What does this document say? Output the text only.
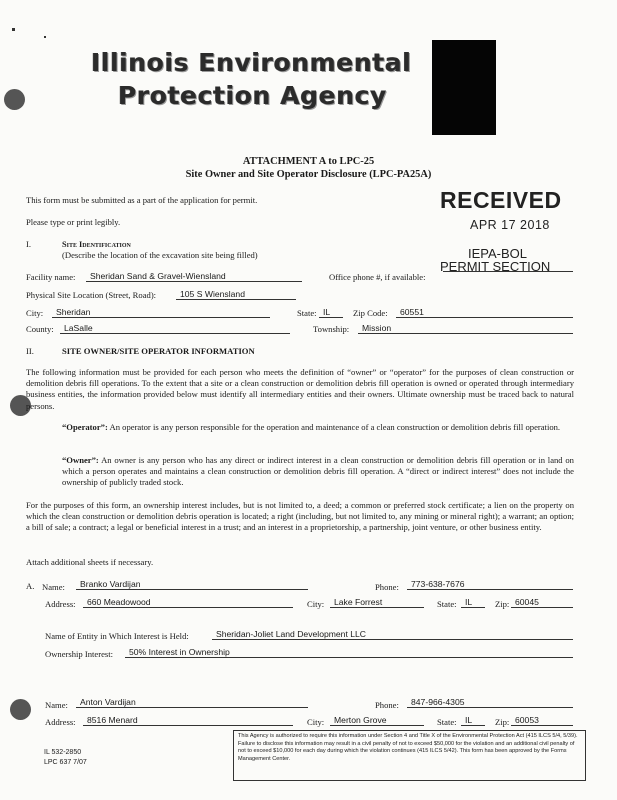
Illinois Environmental
Protection Agency
ATTACHMENT A to LPC-25
Site Owner and Site Operator Disclosure (LPC-PA25A)
RECEIVED
APR 17 2018
IEPA-BOL
PERMIT SECTION
This form must be submitted as a part of the application for permit.
Please type or print legibly.
I.	Site Identification
(Describe the location of the excavation site being filled)
Facility name:	Sheridan Sand & Gravel-Wiensland	Office phone #, if available:
Physical Site Location (Street, Road):	105 S Wiensland
City:	Sheridan	State: IL	Zip Code:	60551
County:	LaSalle	Township:	Mission
II.	SITE OWNER/SITE OPERATOR INFORMATION
The following information must be provided for each person who meets the definition of “owner” or “operator” for the purposes of clean construction or demolition debris fill operations. To the extent that a site or a clean construction or demolition debris fill operation is owned or operated through intermediary business entities, the information provided below must identify all intermediary entities and their owners. Ultimate ownership must be traced back to natural persons.
“Operator”: An operator is any person responsible for the operation and maintenance of a clean construction or demolition debris fill operation.
“Owner”: An owner is any person who has any direct or indirect interest in a clean construction or demolition debris fill operation or in land on which a person operates and maintains a clean construction or demolition debris fill operation. A “direct or indirect interest” does not include the ownership of publicly traded stock.
For the purposes of this form, an ownership interest includes, but is not limited to, a deed; a common or preferred stock certificate; a lien on the property on which the clean construction or demolition debris operation is located; a right (including, but not limited to, any mining or mineral right); a warrant; an option; a bill of sale; a contract; a legal or beneficial interest in a trust; and an interest in a proprietorship, a partnership, joint venture, or other business entity.
Attach additional sheets if necessary.
A. Name:	Branko Vardijan	Phone:	773-638-7676
Address:	660 Meadowood	City:	Lake Forrest	State: IL	Zip: 60045
Name of Entity in Which Interest is Held:	Sheridan-Joliet Land Development LLC
Ownership Interest:	50% Interest in Ownership
Name:	Anton Vardijan	Phone:	847-966-4305
Address:	8516 Menard	City:	Merton Grove	State: IL	Zip: 60053
IL 532-2850
LPC 637 7/07
This Agency is authorized to require this information under Section 4 and Title X of the Environmental Protection Act (415 ILCS 5/4, 5/39). Failure to disclose this information may result in a civil penalty of not to exceed $50,000 for the violation and an additional civil penalty of not to exceed $10,000 for each day during which the violation continues (415 ILCS 5/42). This form has been approved by the Forms Management Center.
